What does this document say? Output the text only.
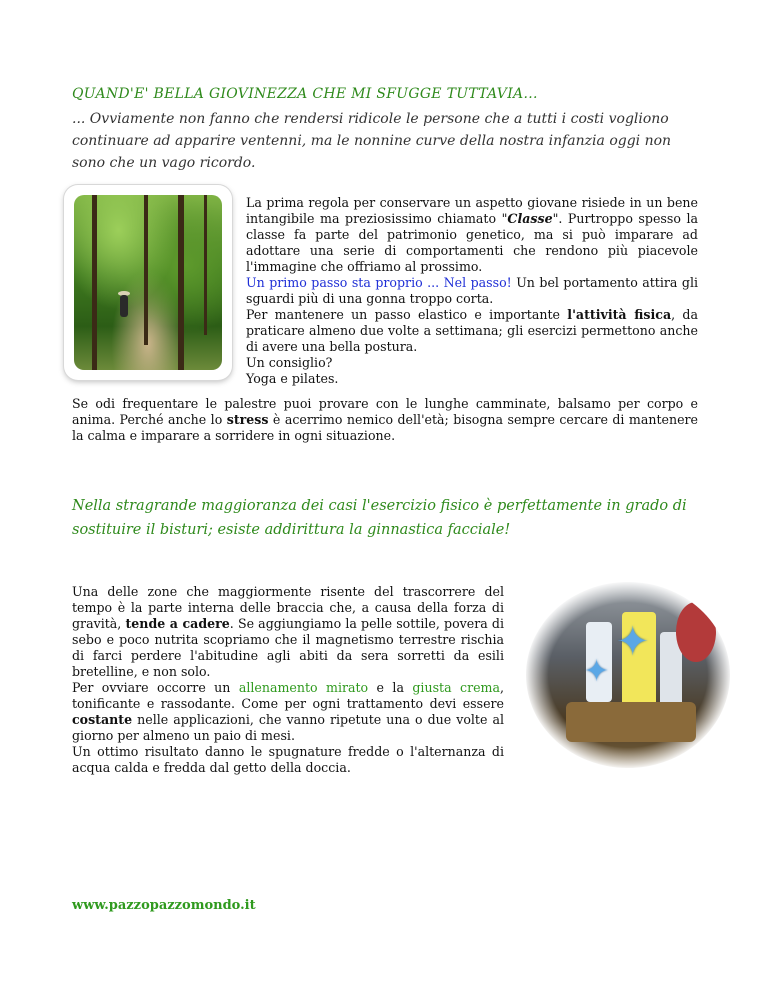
QUAND'E' BELLA GIOVINEZZA CHE MI SFUGGE TUTTAVIA...
... Ovviamente non fanno che rendersi ridicole le persone che a tutti i costi vogliono continuare ad apparire ventenni, ma le nonnine curve della nostra infanzia oggi non sono che un vago ricordo.

La prima regola per conservare un aspetto giovane risiede in un bene intangibile ma preziosissimo chiamato "Classe". Purtroppo spesso la classe fa parte del patrimonio genetico, ma si può imparare ad adottare una serie di comportamenti che rendono più piacevole l'immagine che offriamo al prossimo.

Un primo passo sta proprio ... Nel passo! Un bel portamento attira gli sguardi più di una gonna troppo corta.

Per mantenere un passo elastico e importante l'attività fisica, da praticare almeno due volte a settimana; gli esercizi permettono anche di avere una bella postura.

Un consiglio?

Yoga e pilates.

Se odi frequentare le palestre puoi provare con le lunghe camminate, balsamo per corpo e anima. Perché anche lo stress è acerrimo nemico dell'età; bisogna sempre cercare di mantenere la calma e imparare a sorridere in ogni situazione.

Nella stragrande maggioranza dei casi l'esercizio fisico è perfettamente in grado di sostituire il bisturi; esiste addirittura la ginnastica facciale!

Una delle zone che maggiormente risente del trascorrere del tempo è la parte interna delle braccia che, a causa della forza di gravità, tende a cadere. Se aggiungiamo la pelle sottile, povera di sebo e poco nutrita scopriamo che il magnetismo terrestre rischia di farci perdere l'abitudine agli abiti da sera sorretti da esili bretelline, e non solo.

Per ovviare occorre un allenamento mirato e la giusta crema, tonificante e rassodante. Come per ogni trattamento devi essere costante nelle applicazioni, che vanno ripetute una o due volte al giorno per almeno un paio di mesi.

Un ottimo risultato danno le spugnature fredde o l'alternanza di acqua calda e fredda dal getto della doccia.

✦
✦
www.pazzopazzomondo.it
